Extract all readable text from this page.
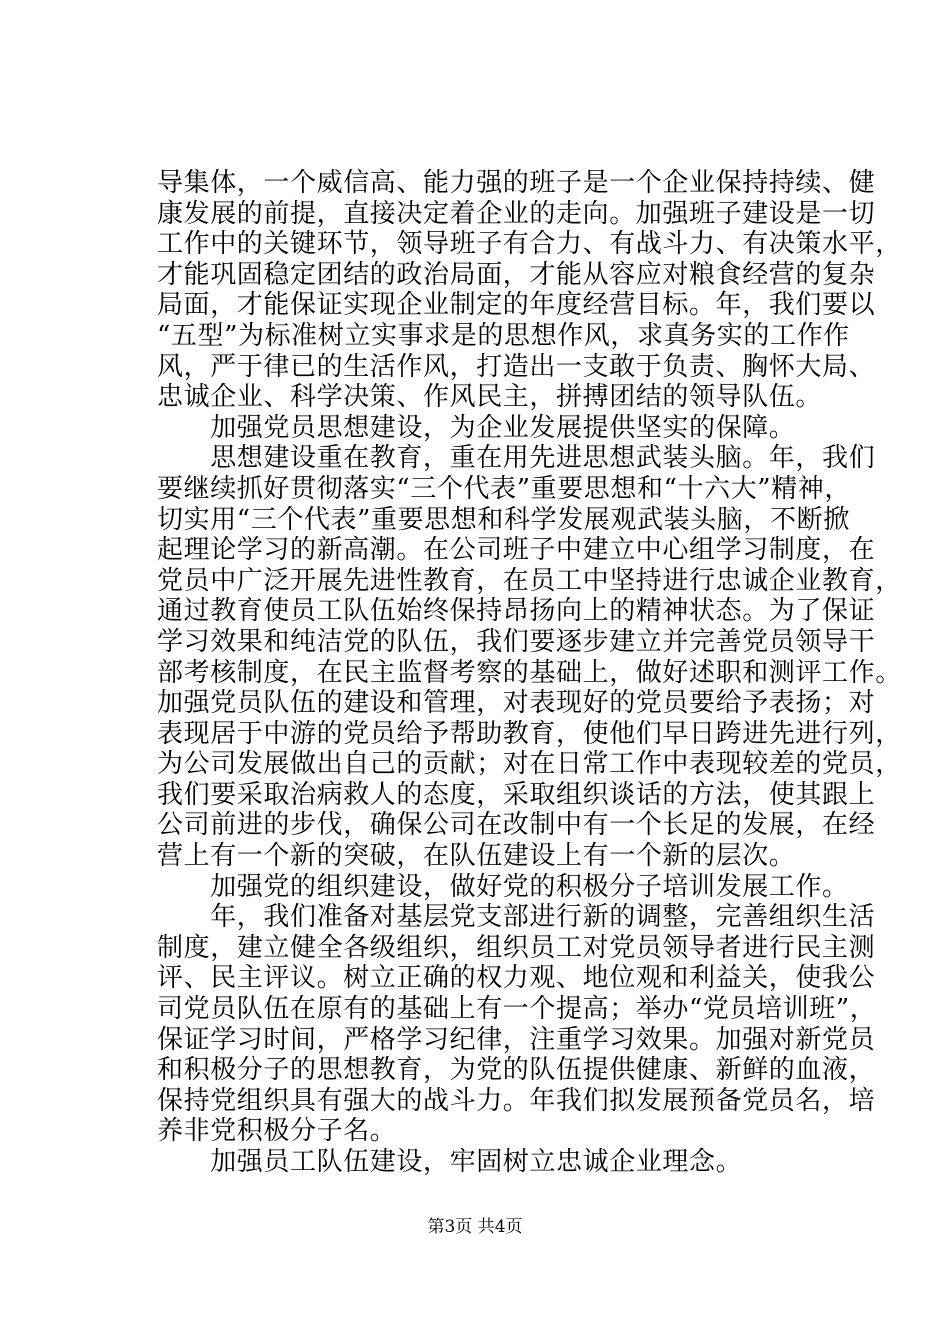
导集体，一个威信高、能力强的班子是一个企业保持持续、健
康发展的前提，直接决定着企业的走向。加强班子建设是一切
工作中的关键环节，领导班子有合力、有战斗力、有决策水平，
才能巩固稳定团结的政治局面，才能从容应对粮食经营的复杂
局面，才能保证实现企业制定的年度经营目标。年，我们要以
“五型”为标准树立实事求是的思想作风，求真务实的工作作
风，严于律已的生活作风，打造出一支敢于负责、胸怀大局、
忠诚企业、科学决策、作风民主，拼搏团结的领导队伍。
　　加强党员思想建设，为企业发展提供坚实的保障。
　　思想建设重在教育，重在用先进思想武装头脑。年，我们
要继续抓好贯彻落实“三个代表”重要思想和“十六大”精神，
切实用“三个代表”重要思想和科学发展观武装头脑，不断掀
起理论学习的新高潮。在公司班子中建立中心组学习制度，在
党员中广泛开展先进性教育，在员工中坚持进行忠诚企业教育，
通过教育使员工队伍始终保持昂扬向上的精神状态。为了保证
学习效果和纯洁党的队伍，我们要逐步建立并完善党员领导干
部考核制度，在民主监督考察的基础上，做好述职和测评工作。
加强党员队伍的建设和管理，对表现好的党员要给予表扬；对
表现居于中游的党员给予帮助教育，使他们早日跨进先进行列，
为公司发展做出自己的贡献；对在日常工作中表现较差的党员，
我们要采取治病救人的态度，采取组织谈话的方法，使其跟上
公司前进的步伐，确保公司在改制中有一个长足的发展，在经
营上有一个新的突破，在队伍建设上有一个新的层次。
　　加强党的组织建设，做好党的积极分子培训发展工作。
　　年，我们准备对基层党支部进行新的调整，完善组织生活
制度，建立健全各级组织，组织员工对党员领导者进行民主测
评、民主评议。树立正确的权力观、地位观和利益关，使我公
司党员队伍在原有的基础上有一个提高；举办“党员培训班”，
保证学习时间，严格学习纪律，注重学习效果。加强对新党员
和积极分子的思想教育，为党的队伍提供健康、新鲜的血液，
保持党组织具有强大的战斗力。年我们拟发展预备党员名，培
养非党积极分子名。
　　加强员工队伍建设，牢固树立忠诚企业理念。
第3页 共4页
